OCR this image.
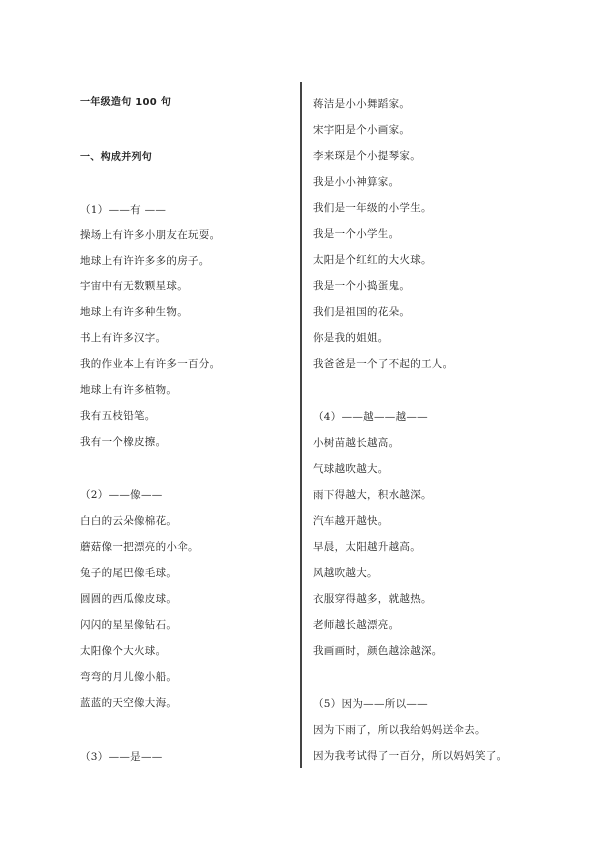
一年级造句 100 句
一、构成并列句
（1）——有 ——
操场上有许多小朋友在玩耍。
地球上有许许多多的房子。
宇宙中有无数颗星球。
地球上有许多种生物。
书上有许多汉字。
我的作业本上有许多一百分。
地球上有许多植物。
我有五枝铅笔。
我有一个橡皮擦。
（2）——像——
白白的云朵像棉花。
蘑菇像一把漂亮的小伞。
兔子的尾巴像毛球。
圆圆的西瓜像皮球。
闪闪的星星像钻石。
太阳像个大火球。
弯弯的月儿像小船。
蓝蓝的天空像大海。
（3）——是——
蒋洁是小小舞蹈家。
宋宇阳是个小画家。
李来琛是个小提琴家。
我是小小神算家。
我们是一年级的小学生。
我是一个小学生。
太阳是个红红的大火球。
我是一个小捣蛋鬼。
我们是祖国的花朵。
你是我的姐姐。
我爸爸是一个了不起的工人。
（4）——越——越——
小树苗越长越高。
气球越吹越大。
雨下得越大，积水越深。
汽车越开越快。
早晨，太阳越升越高。
风越吹越大。
衣服穿得越多，就越热。
老师越长越漂亮。
我画画时，颜色越涂越深。
（5）因为——所以——
因为下雨了，所以我给妈妈送伞去。
因为我考试得了一百分，所以妈妈笑了。
